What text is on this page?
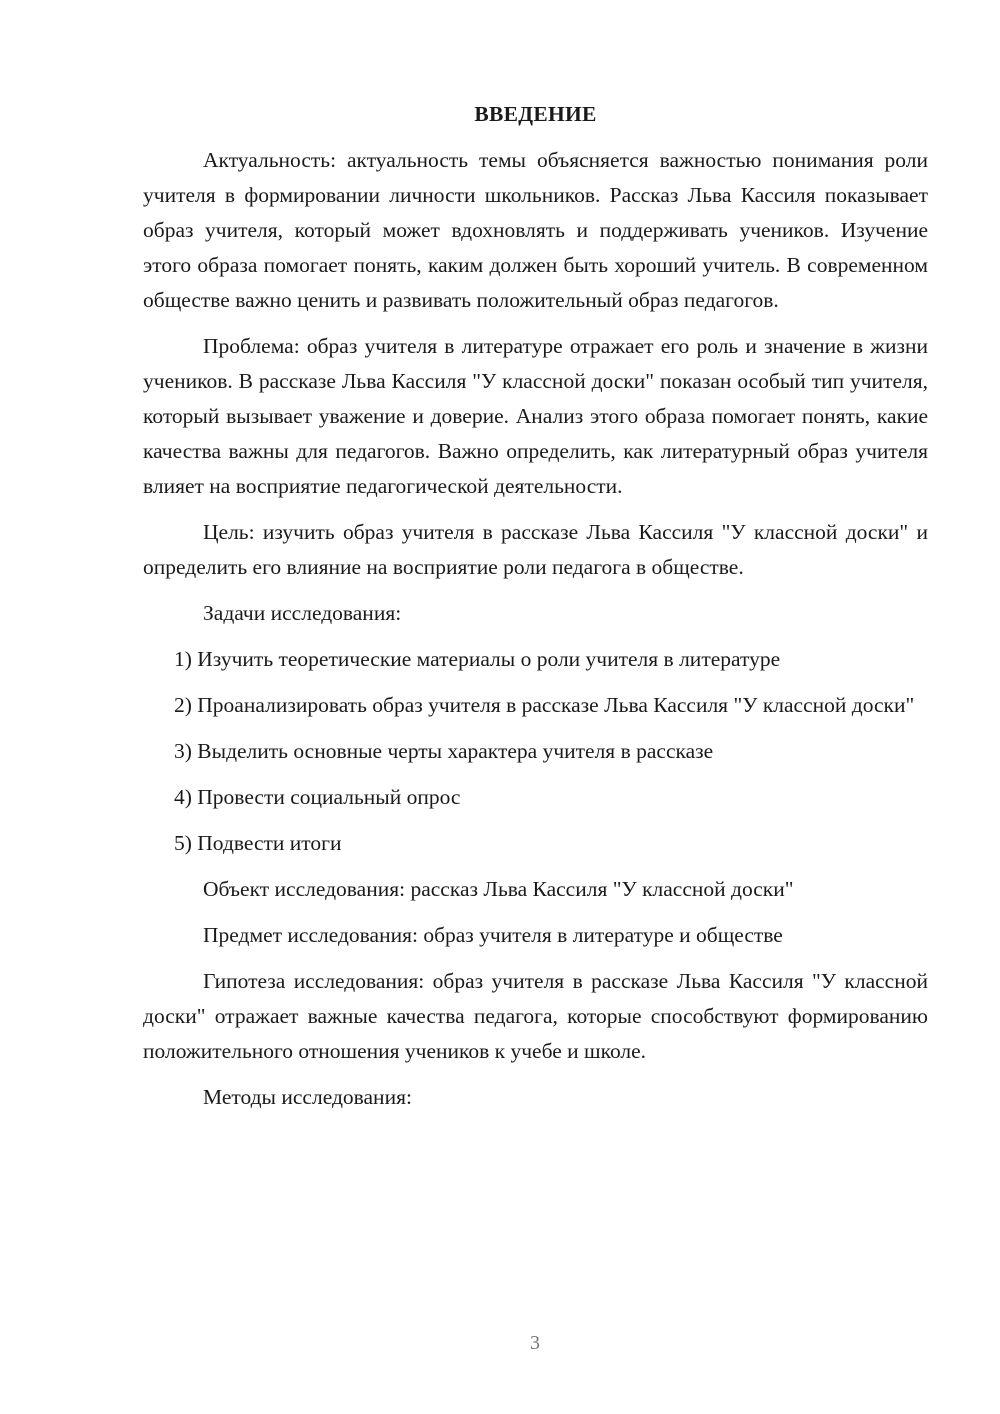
ВВЕДЕНИЕ

Актуальность: актуальность темы объясняется важностью понимания роли учителя в формировании личности школьников. Рассказ Льва Кассиля показывает образ учителя, который может вдохновлять и поддерживать учеников. Изучение этого образа помогает понять, каким должен быть хороший учитель. В современном обществе важно ценить и развивать положительный образ педагогов.

Проблема: образ учителя в литературе отражает его роль и значение в жизни учеников. В рассказе Льва Кассиля "У классной доски" показан особый тип учителя, который вызывает уважение и доверие. Анализ этого образа помогает понять, какие качества важны для педагогов. Важно определить, как литературный образ учителя влияет на восприятие педагогической деятельности.

Цель: изучить образ учителя в рассказе Льва Кассиля "У классной доски" и определить его влияние на восприятие роли педагога в обществе.

Задачи исследования:

1) Изучить теоретические материалы о роли учителя в литературе

2) Проанализировать образ учителя в рассказе Льва Кассиля "У классной доски"

3) Выделить основные черты характера учителя в рассказе

4) Провести социальный опрос

5) Подвести итоги

Объект исследования: рассказ Льва Кассиля "У классной доски"

Предмет исследования: образ учителя в литературе и обществе

Гипотеза исследования: образ учителя в рассказе Льва Кассиля "У классной доски" отражает важные качества педагога, которые способствуют формированию положительного отношения учеников к учебе и школе.

Методы исследования:

3
